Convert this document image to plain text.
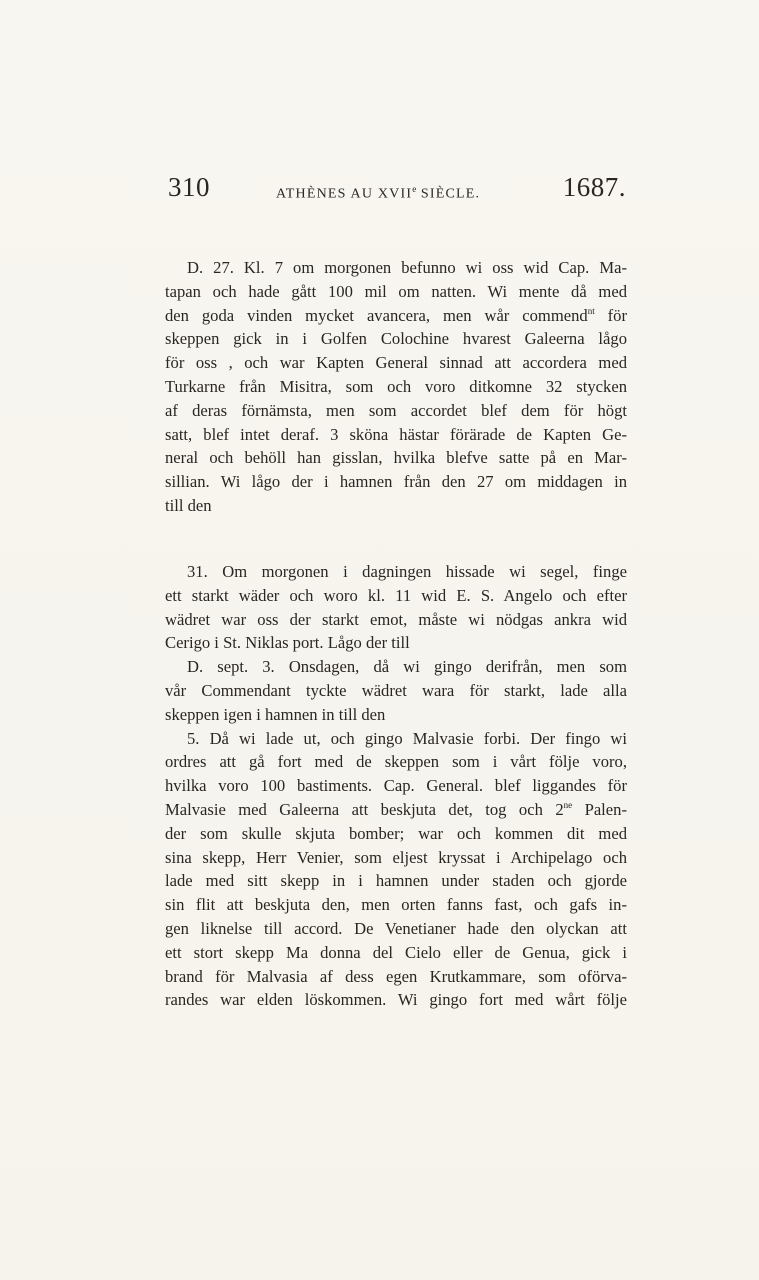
310	ATHÈNES AU XVIIe SIÈCLE.	1687.
D. 27. Kl. 7 om morgonen befunno wi oss wid Cap. Ma-
tapan och hade gått 100 mil om natten. Wi mente då med
den goda vinden mycket avancera, men wår commend$^{nt}$ för
skeppen gick in i Golfen Colochine hvarest Galeerna lågo
för oss , och war Kapten General sinnad att accordera med
Turkarne från Misitra, som och voro ditkomne 32 stycken
af deras förnämsta, men som accordet blef dem för högt
satt, blef intet deraf. 3 sköna hästar förärade de Kapten Ge-
neral och behöll han gisslan, hvilka blefve satte på en Mar-
sillian. Wi lågo der i hamnen från den 27 om middagen in
till den
31. Om morgonen i dagningen hissade wi segel, finge
ett starkt wäder och woro kl. 11 wid E. S. Angelo och efter
wädret war oss der starkt emot, måste wi nödgas ankra wid
Cerigo i St. Niklas port. Lågo der till
D. sept. 3. Onsdagen, då wi gingo derifrån, men som
vår Commendant tyckte wädret wara för starkt, lade alla
skeppen igen i hamnen in till den
5. Då wi lade ut, och gingo Malvasie forbi. Der fingo wi
ordres att gå fort med de skeppen som i vårt följe voro,
hvilka voro 100 bastiments. Cap. General. blef liggandes för
Malvasie med Galeerna att beskjuta det, tog och $2^{ne}$ Palen-
der som skulle skjuta bomber; war och kommen dit med
sina skepp, Herr Venier, som eljest kryssat i Archipelago och
lade med sitt skepp in i hamnen under staden och gjorde
sin flit att beskjuta den, men orten fanns fast, och gafs in-
gen liknelse till accord. De Venetianer hade den olyckan att
ett stort skepp Ma donna del Cielo eller de Genua, gick i
brand för Malvasia af dess egen Krutkammare, som oförva-
randes war elden löskommen. Wi gingo fort med wårt följe
